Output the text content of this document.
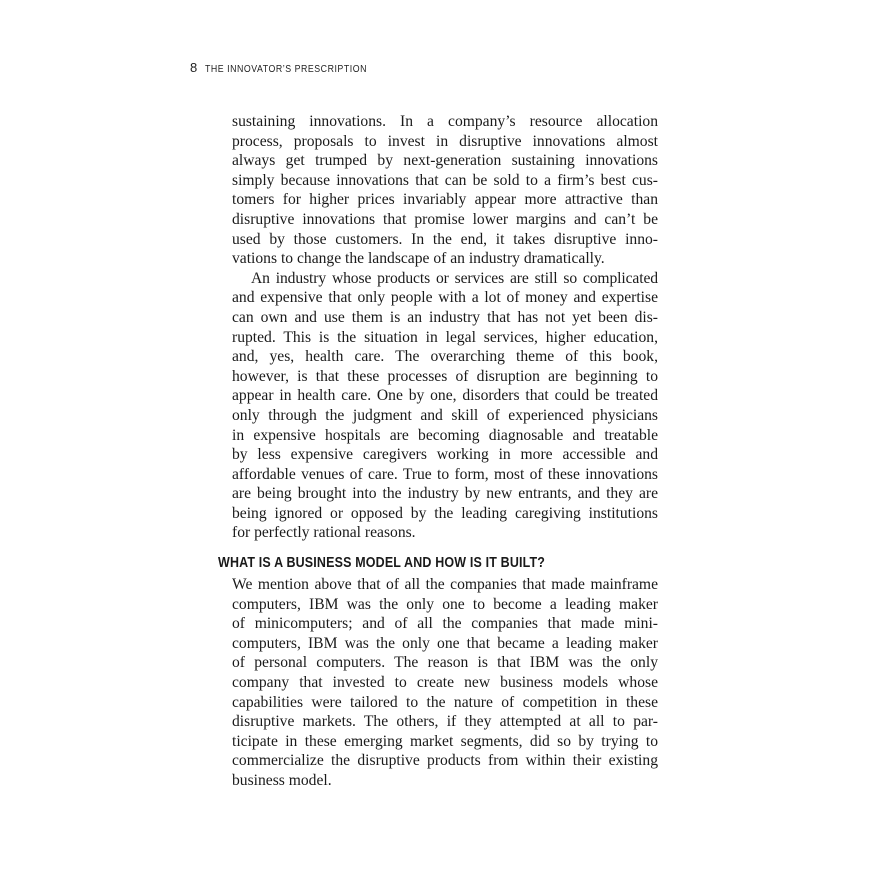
8 THE INNOVATOR’S PRESCRIPTION
sustaining innovations. In a company’s resource allocation
process, proposals to invest in disruptive innovations almost
always get trumped by next-generation sustaining innovations
simply because innovations that can be sold to a firm’s best cus-
tomers for higher prices invariably appear more attractive than
disruptive innovations that promise lower margins and can’t be
used by those customers. In the end, it takes disruptive inno-
vations to change the landscape of an industry dramatically.
An industry whose products or services are still so complicated
and expensive that only people with a lot of money and expertise
can own and use them is an industry that has not yet been dis-
rupted. This is the situation in legal services, higher education,
and, yes, health care. The overarching theme of this book,
however, is that these processes of disruption are beginning to
appear in health care. One by one, disorders that could be treated
only through the judgment and skill of experienced physicians
in expensive hospitals are becoming diagnosable and treatable
by less expensive caregivers working in more accessible and
affordable venues of care. True to form, most of these innovations
are being brought into the industry by new entrants, and they are
being ignored or opposed by the leading caregiving institutions
for perfectly rational reasons.
WHAT IS A BUSINESS MODEL AND HOW IS IT BUILT?
We mention above that of all the companies that made mainframe
computers, IBM was the only one to become a leading maker
of minicomputers; and of all the companies that made mini-
computers, IBM was the only one that became a leading maker
of personal computers. The reason is that IBM was the only
company that invested to create new business models whose
capabilities were tailored to the nature of competition in these
disruptive markets. The others, if they attempted at all to par-
ticipate in these emerging market segments, did so by trying to
commercialize the disruptive products from within their existing
business model.
